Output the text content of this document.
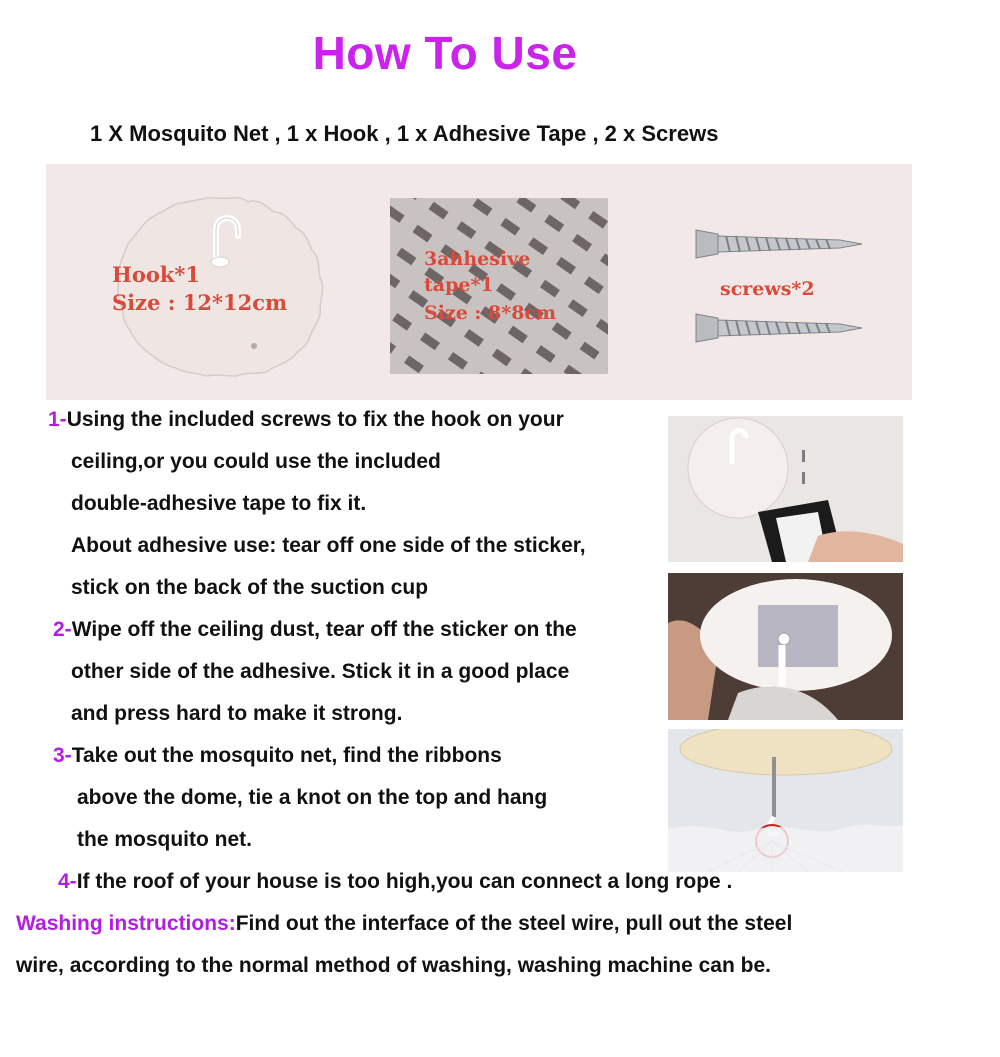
How To Use
1 X Mosquito Net , 1 x Hook , 1 x Adhesive Tape , 2 x Screws
Hook*1
Size : 12*12cm
3ahhesive
tape*1
Size : 8*8cm
screws*2
1-Using the included screws to fix the hook on your
ceiling,or you could use the included
double-adhesive tape to fix it.
About adhesive use: tear off one side of the sticker,
stick on the back of the suction cup
2-Wipe off the ceiling dust, tear off the sticker on the
other side of the adhesive. Stick it in a good place
and press hard to make it strong.
3-Take out the mosquito net, find the ribbons
above the dome, tie a knot on the top and hang
the mosquito net.
4-If the roof of your house is too high,you can connect a long rope .
Washing instructions:Find out the interface of the steel wire, pull out the steel
wire, according to the normal method of washing, washing machine can be.
